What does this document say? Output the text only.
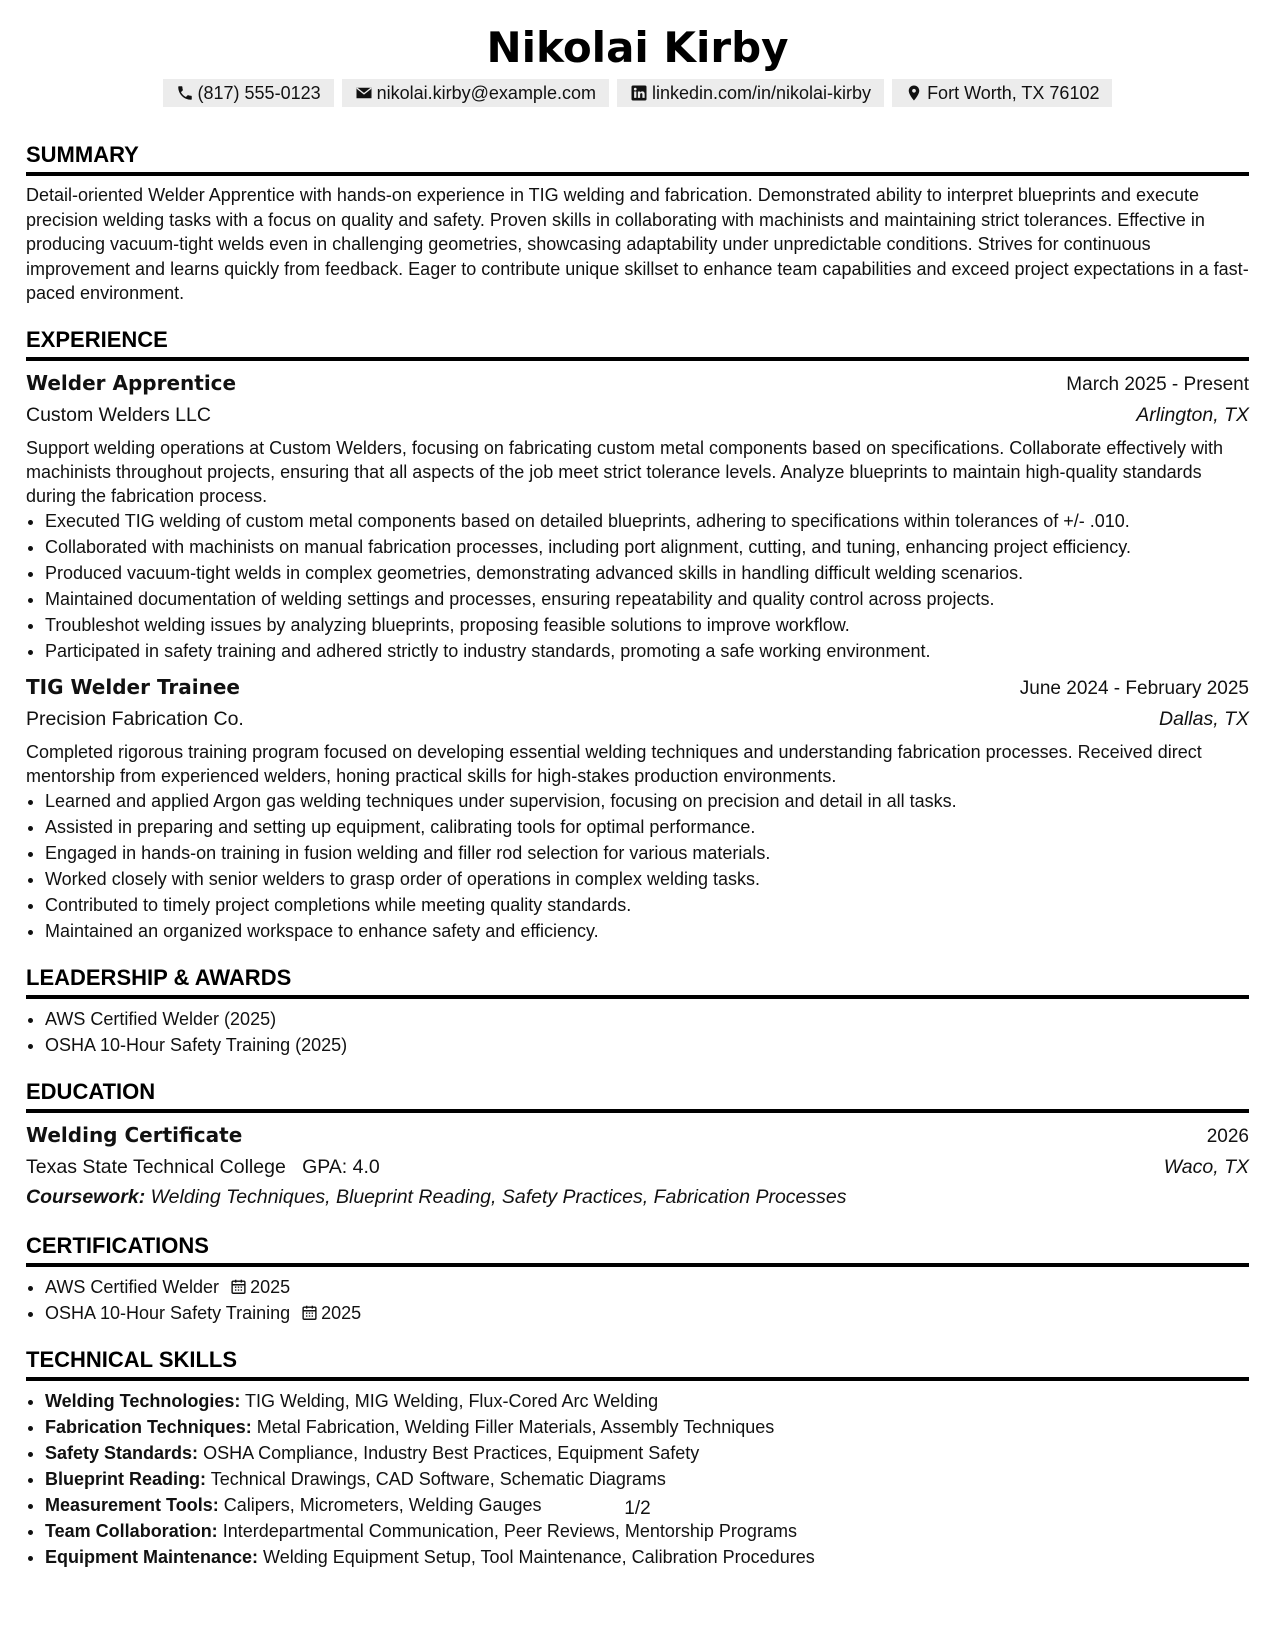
Nikolai Kirby
(817) 555-0123	nikolai.kirby@example.com	linkedin.com/in/nikolai-kirby	Fort Worth, TX 76102
SUMMARY

Detail-oriented Welder Apprentice with hands-on experience in TIG welding and fabrication. Demonstrated ability to interpret blueprints and execute precision welding tasks with a focus on quality and safety. Proven skills in collaborating with machinists and maintaining strict tolerances. Effective in producing vacuum-tight welds even in challenging geometries, showcasing adaptability under unpredictable conditions. Strives for continuous improvement and learns quickly from feedback. Eager to contribute unique skillset to enhance team capabilities and exceed project expectations in a fast-paced environment.

EXPERIENCE
Welder Apprentice	March 2025 - Present
Custom Welders LLC	Arlington, TX

Support welding operations at Custom Welders, focusing on fabricating custom metal components based on specifications. Collaborate effectively with machinists throughout projects, ensuring that all aspects of the job meet strict tolerance levels. Analyze blueprints to maintain high-quality standards during the fabrication process.

• Executed TIG welding of custom metal components based on detailed blueprints, adhering to specifications within tolerances of +/- .010.
• Collaborated with machinists on manual fabrication processes, including port alignment, cutting, and tuning, enhancing project efficiency.
• Produced vacuum-tight welds in complex geometries, demonstrating advanced skills in handling difficult welding scenarios.
• Maintained documentation of welding settings and processes, ensuring repeatability and quality control across projects.
• Troubleshot welding issues by analyzing blueprints, proposing feasible solutions to improve workflow.
• Participated in safety training and adhered strictly to industry standards, promoting a safe working environment.
TIG Welder Trainee	June 2024 - February 2025
Precision Fabrication Co.	Dallas, TX

Completed rigorous training program focused on developing essential welding techniques and understanding fabrication processes. Received direct mentorship from experienced welders, honing practical skills for high-stakes production environments.

• Learned and applied Argon gas welding techniques under supervision, focusing on precision and detail in all tasks.
• Assisted in preparing and setting up equipment, calibrating tools for optimal performance.
• Engaged in hands-on training in fusion welding and filler rod selection for various materials.
• Worked closely with senior welders to grasp order of operations in complex welding tasks.
• Contributed to timely project completions while meeting quality standards.
• Maintained an organized workspace to enhance safety and efficiency.
LEADERSHIP & AWARDS
• AWS Certified Welder (2025)
• OSHA 10-Hour Safety Training (2025)
EDUCATION
Welding Certificate	2026
Texas State Technical College GPA: 4.0	Waco, TX
Coursework: Welding Techniques, Blueprint Reading, Safety Practices, Fabrication Processes
CERTIFICATIONS
• AWS Certified Welder 2025
• OSHA 10-Hour Safety Training 2025
TECHNICAL SKILLS
• Welding Technologies: TIG Welding, MIG Welding, Flux-Cored Arc Welding
• Fabrication Techniques: Metal Fabrication, Welding Filler Materials, Assembly Techniques
• Safety Standards: OSHA Compliance, Industry Best Practices, Equipment Safety
• Blueprint Reading: Technical Drawings, CAD Software, Schematic Diagrams
• Measurement Tools: Calipers, Micrometers, Welding Gauges
• Team Collaboration: Interdepartmental Communication, Peer Reviews, Mentorship Programs
• Equipment Maintenance: Welding Equipment Setup, Tool Maintenance, Calibration Procedures
1/2
